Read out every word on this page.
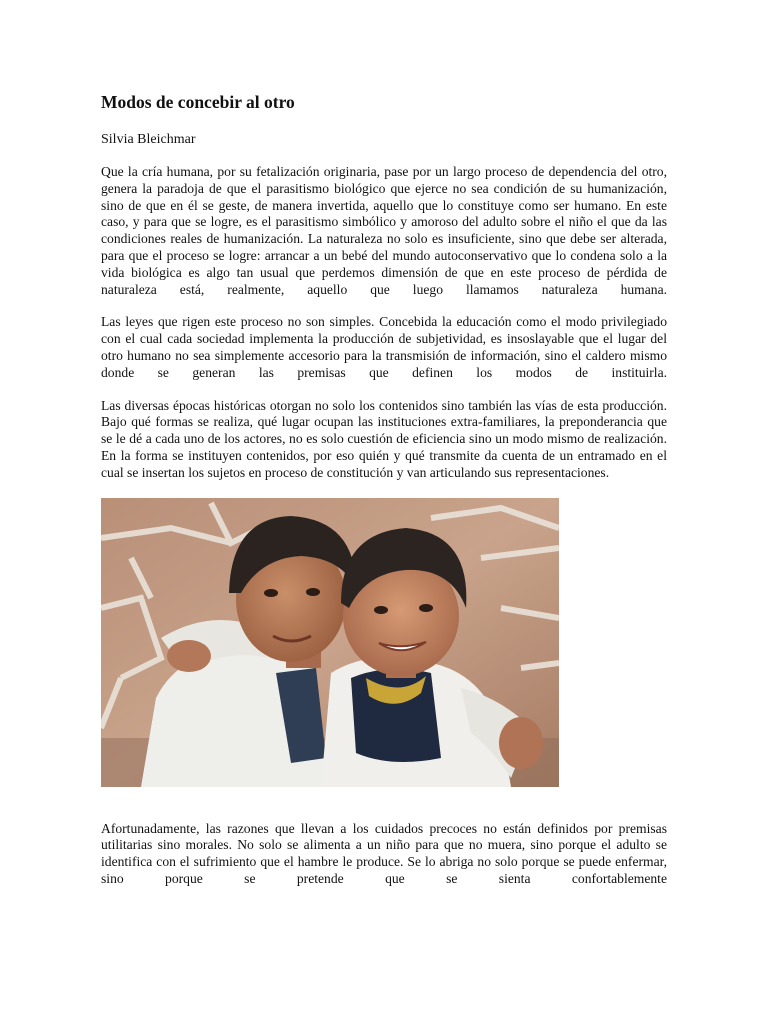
Modos de concebir al otro
Silvia Bleichmar

Que la cría humana, por su fetalización originaria, pase por un largo proceso de dependencia del otro, genera la paradoja de que el parasitismo biológico que ejerce no sea condición de su humanización, sino de que en él se geste, de manera invertida, aquello que lo constituye como ser humano. En este caso, y para que se logre, es el parasitismo simbólico y amoroso del adulto sobre el niño el que da las condiciones reales de humanización. La naturaleza no solo es insuficiente, sino que debe ser alterada, para que el proceso se logre: arrancar a un bebé del mundo autoconservativo que lo condena solo a la vida biológica es algo tan usual que perdemos dimensión de que en este proceso de pérdida de naturaleza está, realmente, aquello que luego llamamos naturaleza humana.

Las leyes que rigen este proceso no son simples. Concebida la educación como el modo privilegiado con el cual cada sociedad implementa la producción de subjetividad, es insoslayable que el lugar del otro humano no sea simplemente accesorio para la transmisión de información, sino el caldero mismo donde se generan las premisas que definen los modos de instituirla.

Las diversas épocas históricas otorgan no solo los contenidos sino también las vías de esta producción. Bajo qué formas se realiza, qué lugar ocupan las instituciones extra-familiares, la preponderancia que se le dé a cada uno de los actores, no es solo cuestión de eficiencia sino un modo mismo de realización. En la forma se instituyen contenidos, por eso quién y qué transmite da cuenta de un entramado en el cual se insertan los sujetos en proceso de constitución y van articulando sus representaciones.

Afortunadamente, las razones que llevan a los cuidados precoces no están definidos por premisas utilitarias sino morales. No solo se alimenta a un niño para que no muera, sino porque el adulto se identifica con el sufrimiento que el hambre le produce. Se lo abriga no solo porque se puede enfermar, sino porque se pretende que se sienta confortablemente
